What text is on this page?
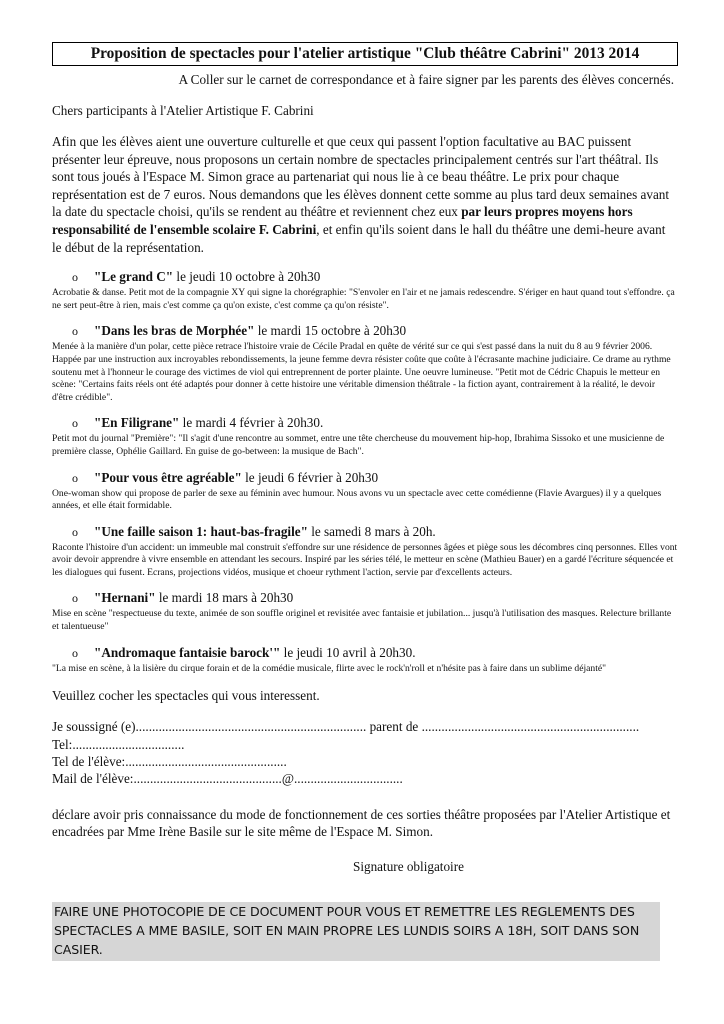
Proposition de spectacles pour l'atelier artistique "Club théâtre Cabrini" 2013 2014
A Coller sur le carnet de correspondance et à faire signer par les parents des élèves concernés.
Chers participants à l'Atelier Artistique F. Cabrini
Afin que les élèves aient une ouverture culturelle et que ceux qui passent l'option facultative au BAC puissent présenter leur épreuve, nous proposons un certain nombre de spectacles principalement centrés sur l'art théâtral. Ils sont tous joués à l'Espace M. Simon grace au partenariat qui nous lie à ce beau théâtre. Le prix pour chaque représentation est de 7 euros. Nous demandons que les élèves donnent cette somme au plus tard deux semaines avant la date du spectacle choisi, qu'ils se rendent au théâtre et reviennent chez eux par leurs propres moyens hors responsabilité de l'ensemble scolaire F. Cabrini, et enfin qu'ils soient dans le hall du théâtre une demi-heure avant le début de la représentation.
o "Le grand C" le jeudi 10 octobre à 20h30
Acrobatie & danse. Petit mot de la compagnie XY qui signe la chorégraphie: "S'envoler en l'air et ne jamais redescendre. S'ériger en haut quand tout s'effondre. ça ne sert peut-être à rien, mais c'est comme ça qu'on existe, c'est comme ça qu'on résiste".
o "Dans les bras de Morphée" le mardi 15 octobre à 20h30
Menée à la manière d'un polar, cette pièce retrace l'histoire vraie de Cécile Pradal en quête de vérité sur ce qui s'est passé dans la nuit du 8 au 9 février 2006. Happée par une instruction aux incroyables rebondissements, la jeune femme devra résister coûte que coûte à l'écrasante machine judiciaire. Ce drame au rythme soutenu met à l'honneur le courage des victimes de viol qui entreprennent de porter plainte. Une oeuvre lumineuse. "Petit mot de Cédric Chapuis le metteur en scène: "Certains faits réels ont été adaptés pour donner à cette histoire une véritable dimension théâtrale - la fiction ayant, contrairement à la réalité, le devoir d'être crédible".
o "En Filigrane" le mardi 4 février à 20h30.
Petit mot du journal "Première": "Il s'agit d'une rencontre au sommet, entre une tête chercheuse du mouvement hip-hop, Ibrahima Sissoko et une musicienne de première classe, Ophélie Gaillard. En guise de go-between: la musique de Bach".
o "Pour vous être agréable" le jeudi 6 février à 20h30
One-woman show qui propose de parler de sexe au féminin avec humour. Nous avons vu un spectacle avec cette comédienne (Flavie Avargues) il y a quelques années, et elle était formidable.
o "Une faille saison 1: haut-bas-fragile" le samedi 8 mars à 20h.
Raconte l'histoire d'un accident: un immeuble mal construit s'effondre sur une résidence de personnes âgées et piège sous les décombres cinq personnes. Elles vont avoir devoir apprendre à vivre ensemble en attendant les secours. Inspiré par les séries télé, le metteur en scène (Mathieu Bauer) en a gardé l'écriture séquencée et les dialogues qui fusent. Ecrans, projections vidéos, musique et choeur rythment l'action, servie par d'excellents acteurs.
o "Hernani" le mardi 18 mars à 20h30
Mise en scène "respectueuse du texte, animée de son souffle originel et revisitée avec fantaisie et jubilation... jusqu'à l'utilisation des masques. Relecture brillante et talentueuse"
o "Andromaque fantaisie barock'" le jeudi 10 avril à 20h30.
"La mise en scène, à la lisière du cirque forain et de la comédie musicale, flirte avec le rock'n'roll et n'hésite pas à faire dans un sublime déjanté"
Veuillez cocher les spectacles qui vous interessent.
Je soussigné (e)...................................................................... parent de ..................................................................
Tel:..................................
Tel de l'élève:.................................................
Mail de l'élève:.............................................@.................................
déclare avoir pris connaissance du mode de fonctionnement de ces sorties théâtre proposées par l'Atelier Artistique et encadrées par Mme Irène Basile sur le site même de l'Espace M. Simon.
Signature obligatoire
FAIRE UNE PHOTOCOPIE DE CE DOCUMENT POUR VOUS ET REMETTRE LES REGLEMENTS DES SPECTACLES A MME BASILE, SOIT EN MAIN PROPRE LES LUNDIS SOIRS A 18H, SOIT DANS SON CASIER.
